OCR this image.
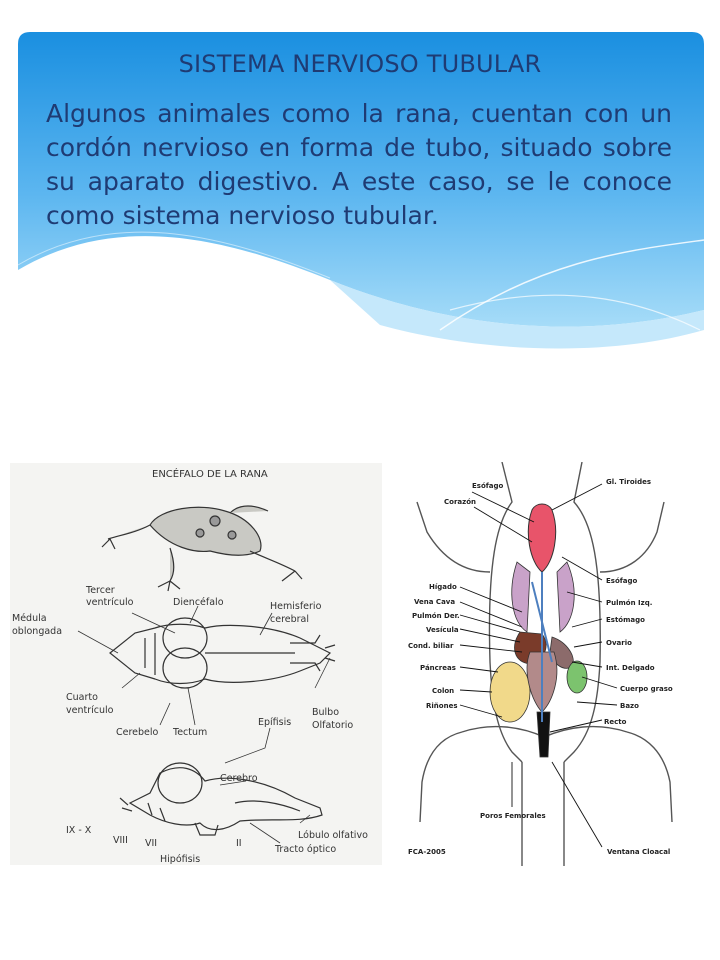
SISTEMA NERVIOSO TUBULAR

Algunos animales como la rana, cuentan con un cordón nervioso en forma de tubo, situado sobre su aparato digestivo. A este caso, se le conoce como sistema nervioso tubular.

ENCÉFALO DE LA RANA
Tercer
ventrículo	Diencéfalo	Hemisferio
cerebral
Médula
oblongada
Cuarto
ventrículo
Cerebelo Tectum
Epífisis
Bulbo
Olfatorio
Cerebro
IX - X
VIII VII	II
Lóbulo olfativo
Tracto óptico
Hipófisis
Esófago
Corazón
Hígado
Vena Cava
Pulmón Der.
Vesícula
Cond. biliar
Páncreas
Colon
Riñones
Gl. Tiroides
Esófago
Pulmón Izq.
Estómago
Ovario
Int. Delgado
Cuerpo graso
Bazo
Recto
Poros Femorales
Ventana Cloacal
FCA-2005
